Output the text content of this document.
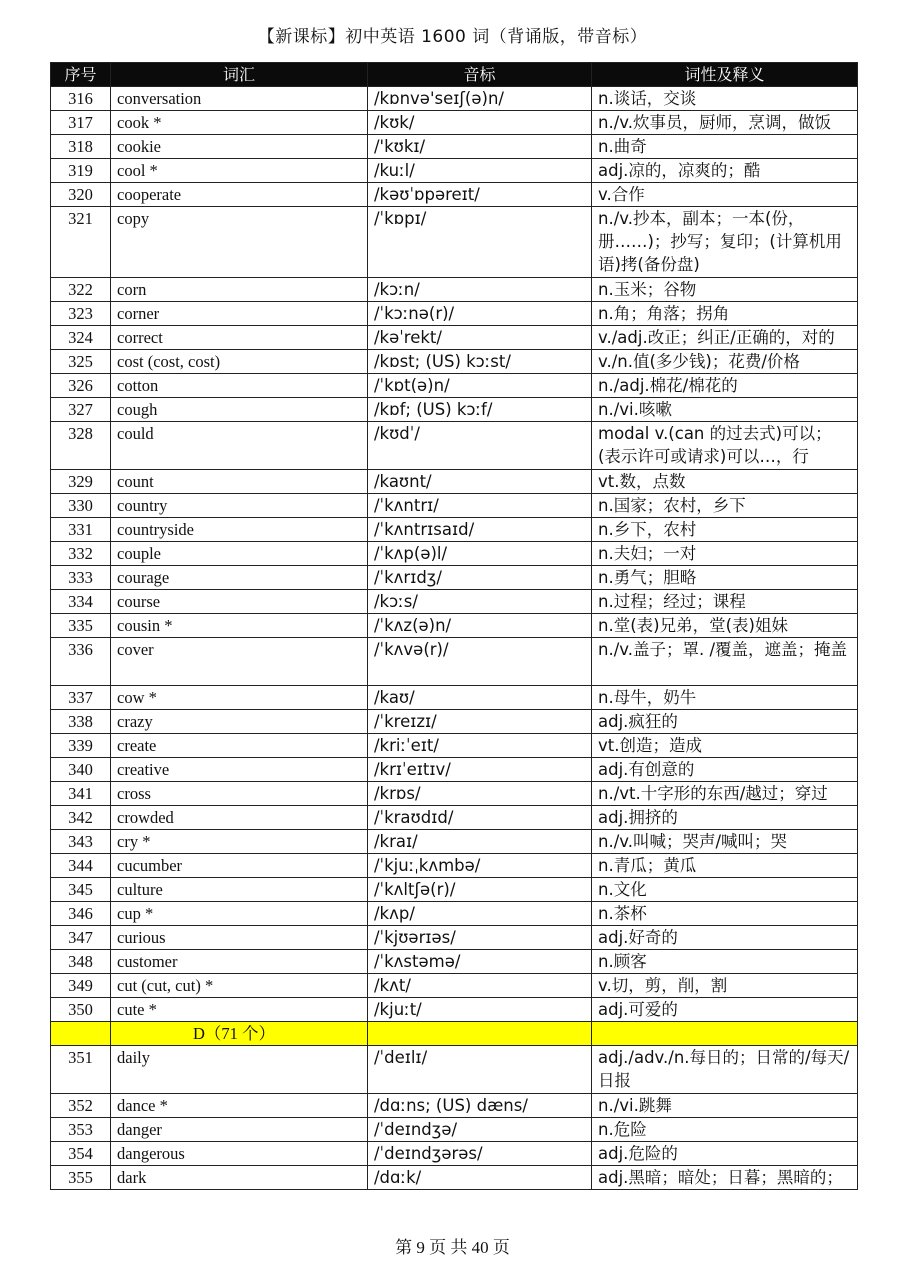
【新课标】初中英语 1600 词（背诵版，带音标）
序号	词汇	音标	词性及释义
316	conversation	/kɒnvə'seɪʃ(ə)n/	n.谈话，交谈
317	cook *	/kʊk/	n./v.炊事员，厨师，烹调，做饭
318	cookie	/'kʊkɪ/	n.曲奇
319	cool *	/kuːl/	adj.凉的，凉爽的；酷
320	cooperate	/kəʊˈɒpəreɪt/	v.合作
321	copy	/ˈkɒpɪ/	n./v.抄本，副本；一本(份，册……)；抄写；复印；(计算机用语)拷(备份盘)
322	corn	/kɔːn/	n.玉米；谷物
323	corner	/ˈkɔːnə(r)/	n.角；角落；拐角
324	correct	/kəˈrekt/	v./adj.改正；纠正/正确的，对的
325	cost (cost, cost)	/kɒst; (US) kɔːst/	v./n.值(多少钱)；花费/价格
326	cotton	/ˈkɒt(ə)n/	n./adj.棉花/棉花的
327	cough	/kɒf; (US) kɔːf/	n./vi.咳嗽
328	could	/kʊdˈ/	modal v.(can 的过去式)可以；(表示许可或请求)可以…，行
329	count	/kaʊnt/	vt.数，点数
330	country	/ˈkʌntrɪ/	n.国家；农村，乡下
331	countryside	/ˈkʌntrɪsaɪd/	n.乡下，农村
332	couple	/ˈkʌp(ə)l/	n.夫妇；一对
333	courage	/ˈkʌrɪdʒ/	n.勇气；胆略
334	course	/kɔːs/	n.过程；经过；课程
335	cousin *	/ˈkʌz(ə)n/	n.堂(表)兄弟，堂(表)姐妹
336	cover	/ˈkʌvə(r)/	n./v.盖子；罩. /覆盖，遮盖；掩盖
337	cow *	/kaʊ/	n.母牛，奶牛
338	crazy	/ˈkreɪzɪ/	adj.疯狂的
339	create	/kriːˈeɪt/	vt.创造；造成
340	creative	/krɪˈeɪtɪv/	adj.有创意的
341	cross	/krɒs/	n./vt.十字形的东西/越过；穿过
342	crowded	/ˈkraʊdɪd/	adj.拥挤的
343	cry *	/kraɪ/	n./v.叫喊；哭声/喊叫；哭
344	cucumber	/ˈkjuːˌkʌmbə/	n.青瓜；黄瓜
345	culture	/ˈkʌltʃə(r)/	n.文化
346	cup *	/kʌp/	n.茶杯
347	curious	/ˈkjʊərɪəs/	adj.好奇的
348	customer	/ˈkʌstəmə/	n.顾客
349	cut (cut, cut) *	/kʌt/	v.切，剪，削，割
350	cute *	/kjuːt/	adj.可爱的
	D（71 个）		
351	daily	/ˈdeɪlɪ/	adj./adv./n.每日的；日常的/每天/日报
352	dance *	/dɑːns; (US) dæns/	n./vi.跳舞
353	danger	/ˈdeɪndʒə/	n.危险
354	dangerous	/ˈdeɪndʒərəs/	adj.危险的
355	dark	/dɑːk/	adj.黑暗；暗处；日暮；黑暗的；
第 9 页 共 40 页
